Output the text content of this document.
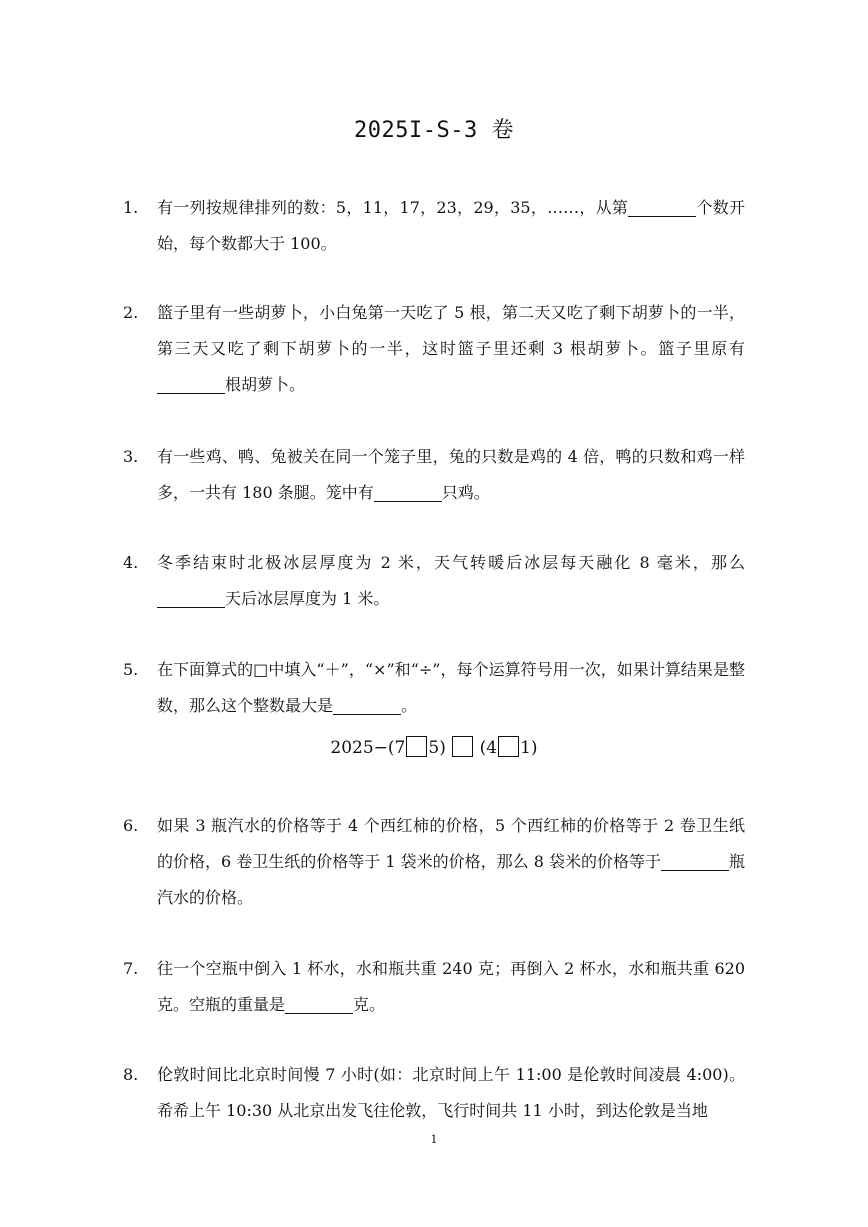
2025I-S-3 卷
1. 有一列按规律排列的数：5，11，17，23，29，35，……，从第	个数开始，每个数都大于 100。
2. 篮子里有一些胡萝卜，小白兔第一天吃了 5 根，第二天又吃了剩下胡萝卜的一半，第三天又吃了剩下胡萝卜的一半，这时篮子里还剩 3 根胡萝卜。篮子里原有根胡萝卜。
3. 有一些鸡、鸭、兔被关在同一个笼子里，兔的只数是鸡的 4 倍，鸭的只数和鸡一样多，一共有 180 条腿。笼中有	只鸡。
4. 冬季结束时北极冰层厚度为 2 米，天气转暖后冰层每天融化 8 毫米，那么天后冰层厚度为 1 米。
5. 在下面算式的□中填入“＋”，“×”和“÷”，每个运算符号用一次，如果计算结果是整数，那么这个整数最大是	。
2025−(7 5) (4 1)
6. 如果 3 瓶汽水的价格等于 4 个西红柿的价格，5 个西红柿的价格等于 2 卷卫生纸的价格，6 卷卫生纸的价格等于 1 袋米的价格，那么 8 袋米的价格等于	瓶汽水的价格。
7. 往一个空瓶中倒入 1 杯水，水和瓶共重 240 克；再倒入 2 杯水，水和瓶共重 620 克。空瓶的重量是	克。
8. 伦敦时间比北京时间慢 7 小时(如：北京时间上午 11:00 是伦敦时间凌晨 4:00)。希希上午 10:30 从北京出发飞往伦敦，飞行时间共 11 小时，到达伦敦是当地
1
